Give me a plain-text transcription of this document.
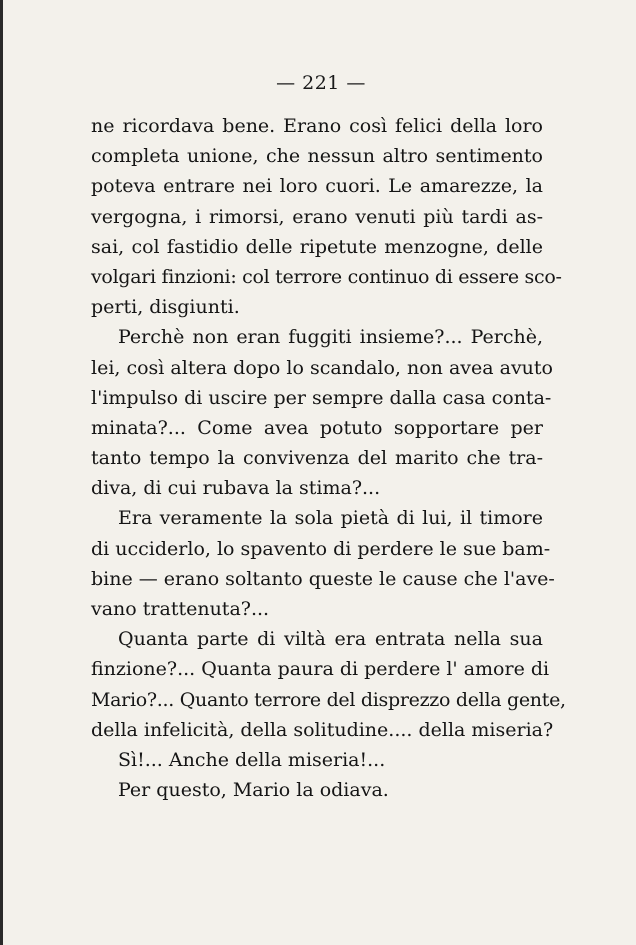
— 221 —

ne ricordava bene. Erano così felici della loro
completa unione, che nessun altro sentimento
poteva entrare nei loro cuori. Le amarezze, la
vergogna, i rimorsi, erano venuti più tardi as-
sai, col fastidio delle ripetute menzogne, delle
volgari finzioni: col terrore continuo di essere sco-
perti, disgiunti.

Perchè non eran fuggiti insieme?... Perchè,
lei, così altera dopo lo scandalo, non avea avuto
l'impulso di uscire per sempre dalla casa conta-
minata?... Come avea potuto sopportare per
tanto tempo la convivenza del marito che tra-
diva, di cui rubava la stima?...

Era veramente la sola pietà di lui, il timore
di ucciderlo, lo spavento di perdere le sue bam-
bine — erano soltanto queste le cause che l'ave-
vano trattenuta?...

Quanta parte di viltà era entrata nella sua
finzione?... Quanta paura di perdere l' amore di
Mario?... Quanto terrore del disprezzo della gente,
della infelicità, della solitudine.... della miseria?

Sì!... Anche della miseria!...

Per questo, Mario la odiava.
